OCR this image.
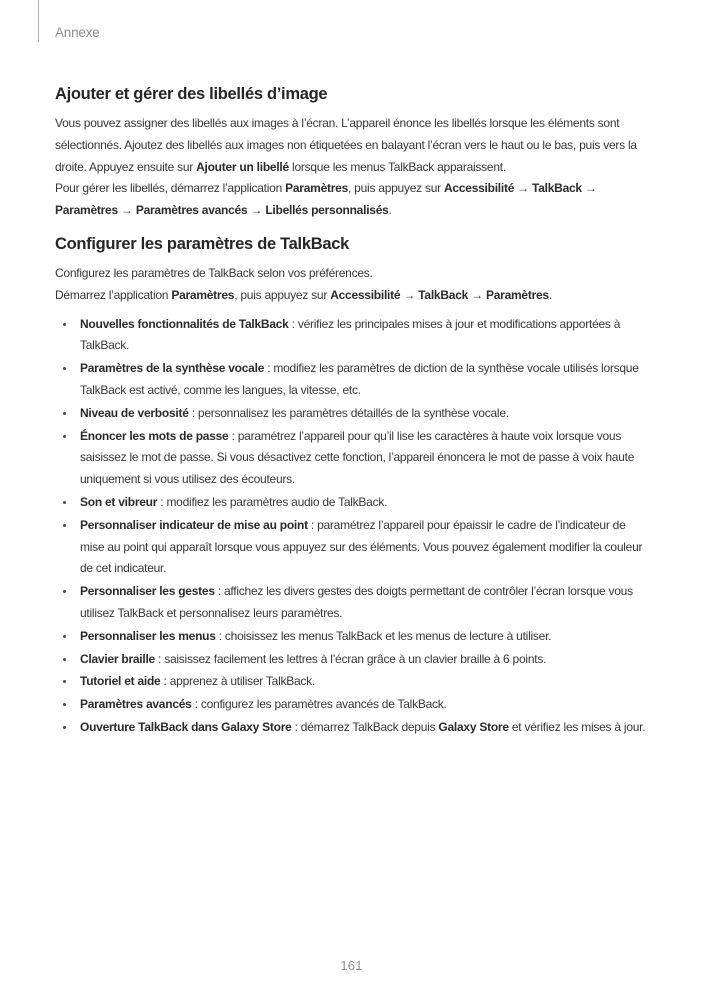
Annexe
Ajouter et gérer des libellés d’image

Vous pouvez assigner des libellés aux images à l’écran. L’appareil énonce les libellés lorsque les éléments sont sélectionnés. Ajoutez des libellés aux images non étiquetées en balayant l’écran vers le haut ou le bas, puis vers la droite. Appuyez ensuite sur Ajouter un libellé lorsque les menus TalkBack apparaissent.

Pour gérer les libellés, démarrez l’application Paramètres, puis appuyez sur Accessibilité → TalkBack → Paramètres → Paramètres avancés → Libellés personnalisés.

Configurer les paramètres de TalkBack

Configurez les paramètres de TalkBack selon vos préférences.

Démarrez l’application Paramètres, puis appuyez sur Accessibilité → TalkBack → Paramètres.

Nouvelles fonctionnalités de TalkBack : vérifiez les principales mises à jour et modifications apportées à TalkBack.
Paramètres de la synthèse vocale : modifiez les paramètres de diction de la synthèse vocale utilisés lorsque TalkBack est activé, comme les langues, la vitesse, etc.
Niveau de verbosité : personnalisez les paramètres détaillés de la synthèse vocale.
Énoncer les mots de passe : paramétrez l’appareil pour qu’il lise les caractères à haute voix lorsque vous saisissez le mot de passe. Si vous désactivez cette fonction, l’appareil énoncera le mot de passe à voix haute uniquement si vous utilisez des écouteurs.
Son et vibreur : modifiez les paramètres audio de TalkBack.
Personnaliser indicateur de mise au point : paramétrez l’appareil pour épaissir le cadre de l’indicateur de mise au point qui apparaît lorsque vous appuyez sur des éléments. Vous pouvez également modifier la couleur de cet indicateur.
Personnaliser les gestes : affichez les divers gestes des doigts permettant de contrôler l’écran lorsque vous utilisez TalkBack et personnalisez leurs paramètres.
Personnaliser les menus : choisissez les menus TalkBack et les menus de lecture à utiliser.
Clavier braille : saisissez facilement les lettres à l’écran grâce à un clavier braille à 6 points.
Tutoriel et aide : apprenez à utiliser TalkBack.
Paramètres avancés : configurez les paramètres avancés de TalkBack.
Ouverture TalkBack dans Galaxy Store : démarrez TalkBack depuis Galaxy Store et vérifiez les mises à jour.
161
